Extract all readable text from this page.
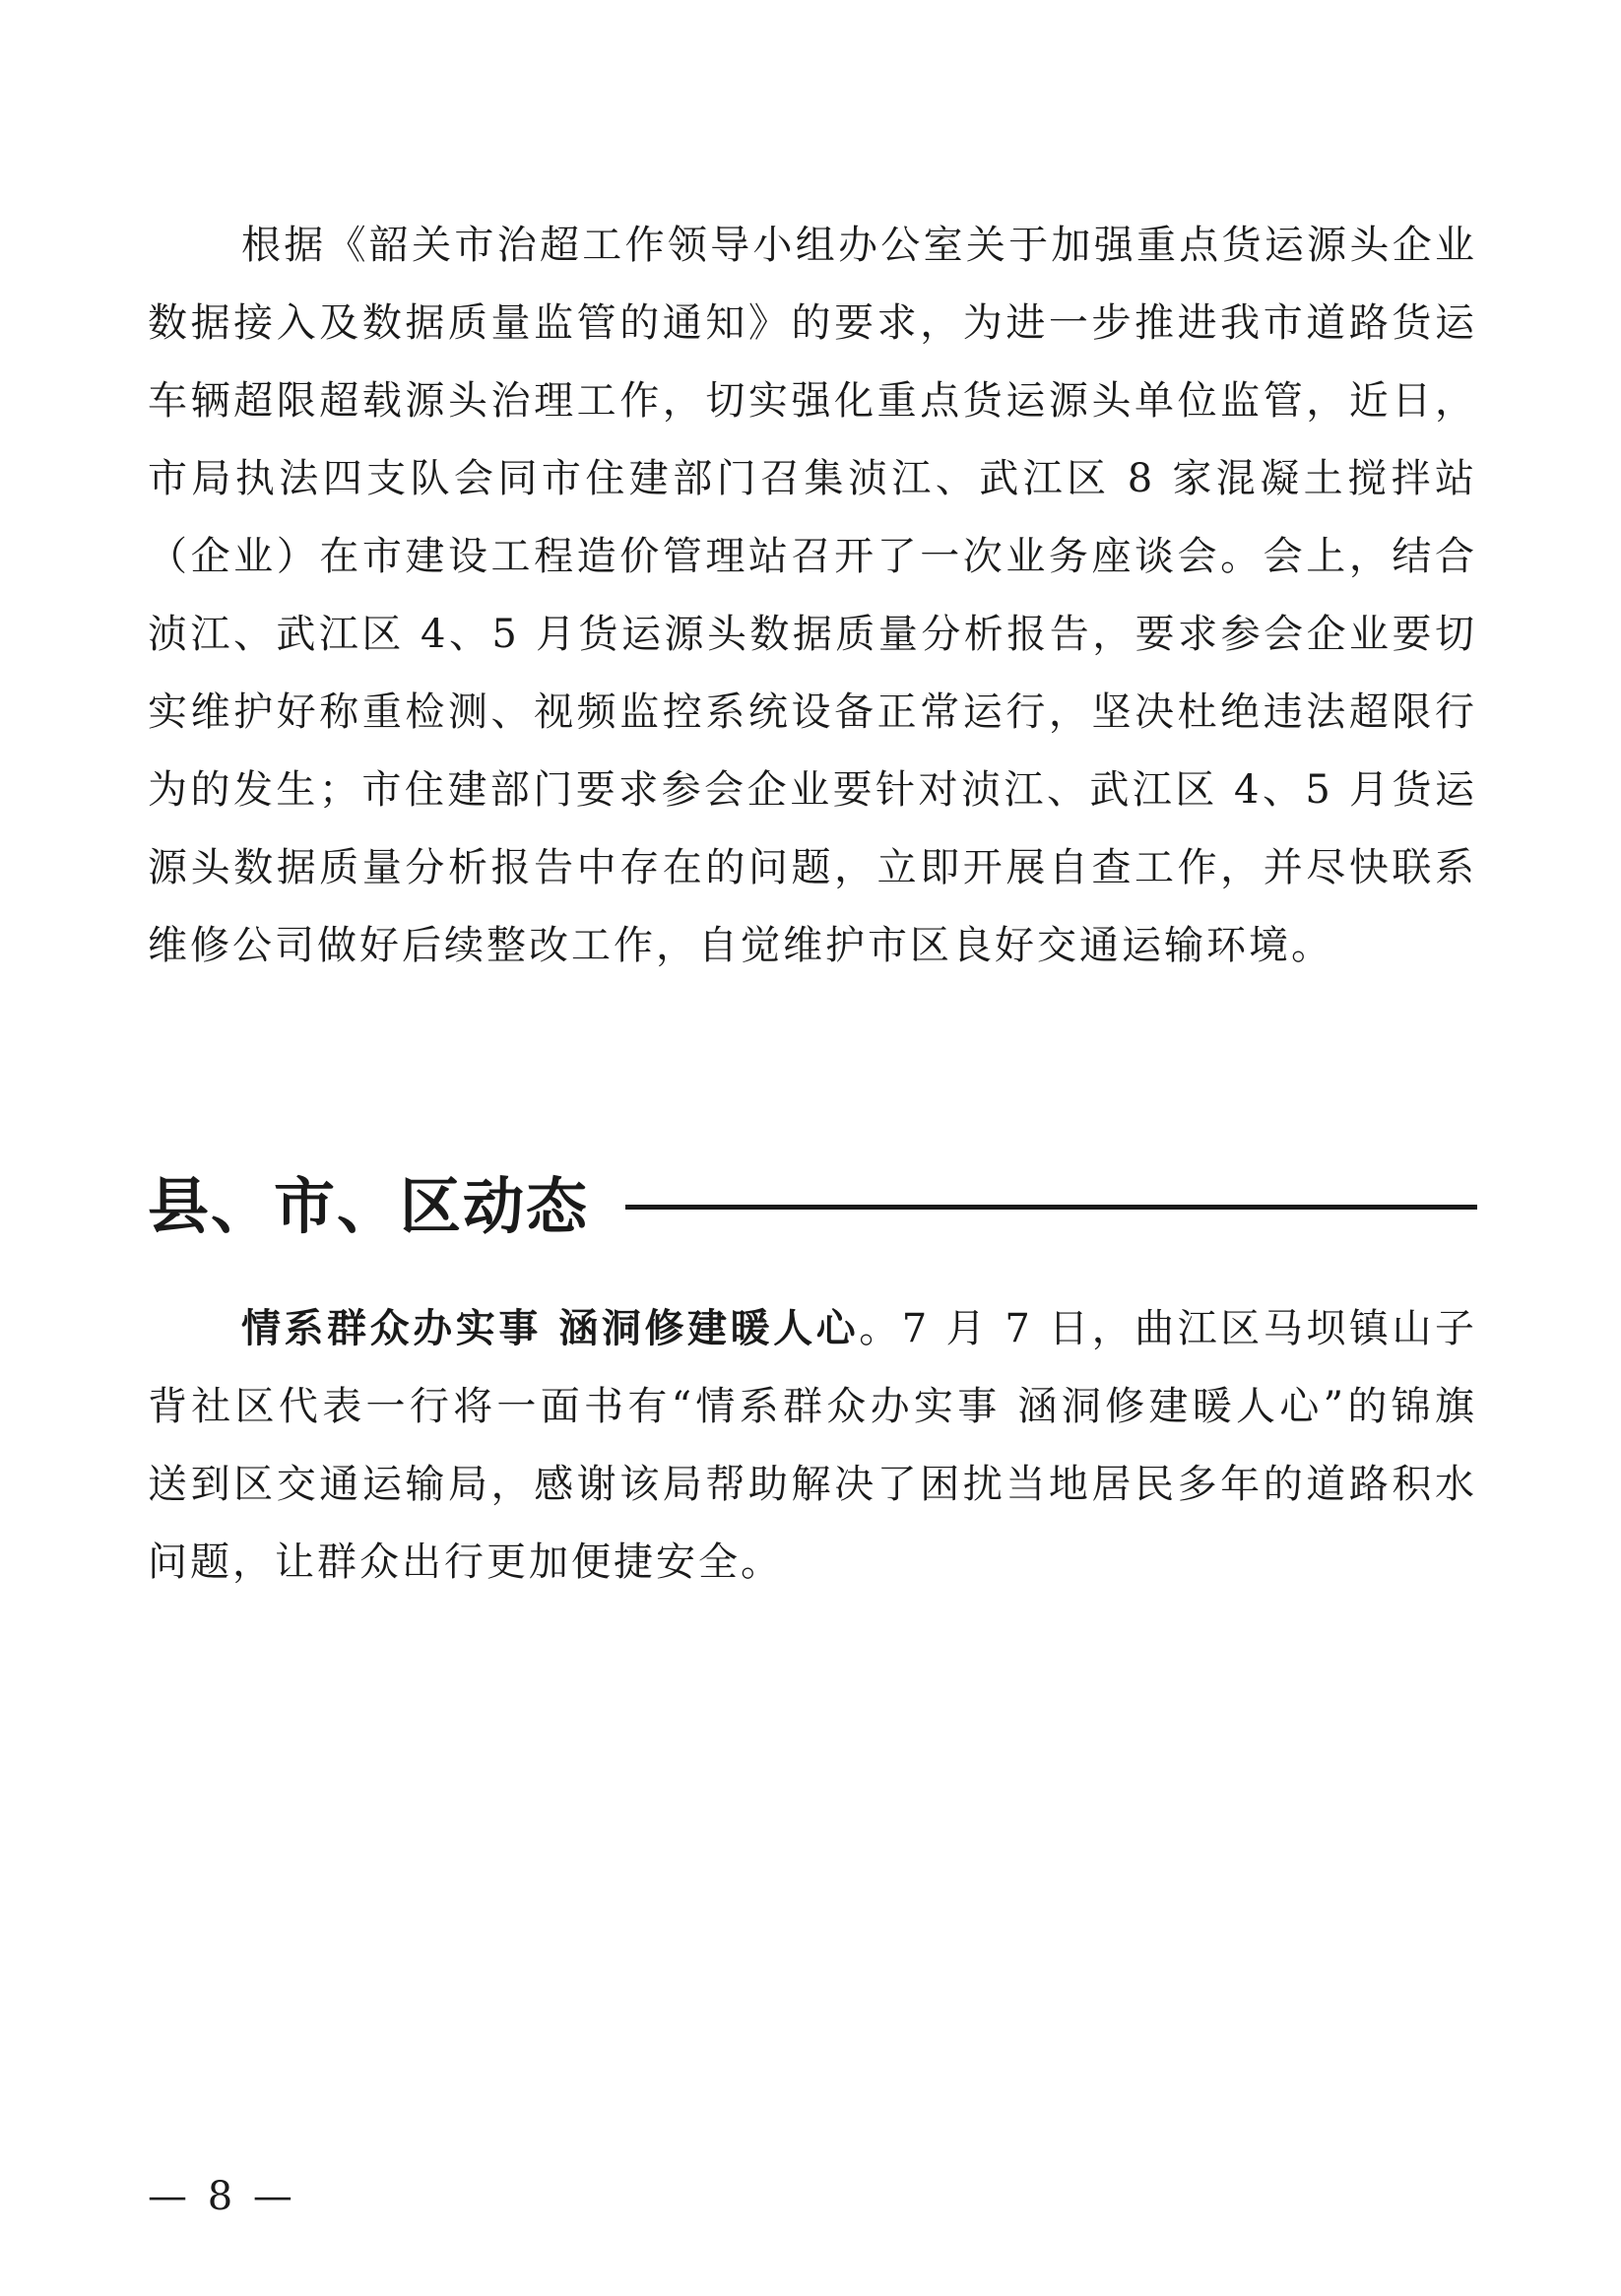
根据《韶关市治超工作领导小组办公室关于加强重点货运源头企业数据接入及数据质量监管的通知》的要求，为进一步推进我市道路货运车辆超限超载源头治理工作，切实强化重点货运源头单位监管，近日，市局执法四支队会同市住建部门召集浈江、武江区 8 家混凝土搅拌站（企业）在市建设工程造价管理站召开了一次业务座谈会。会上，结合浈江、武江区 4、5 月货运源头数据质量分析报告，要求参会企业要切实维护好称重检测、视频监控系统设备正常运行，坚决杜绝违法超限行为的发生；市住建部门要求参会企业要针对浈江、武江区 4、5 月货运源头数据质量分析报告中存在的问题，立即开展自查工作，并尽快联系维修公司做好后续整改工作，自觉维护市区良好交通运输环境。

县、市、区动态

情系群众办实事 涵洞修建暖人心。7 月 7 日，曲江区马坝镇山子背社区代表一行将一面书有“情系群众办实事 涵洞修建暖人心”的锦旗送到区交通运输局，感谢该局帮助解决了困扰当地居民多年的道路积水问题，让群众出行更加便捷安全。

— 8 —
